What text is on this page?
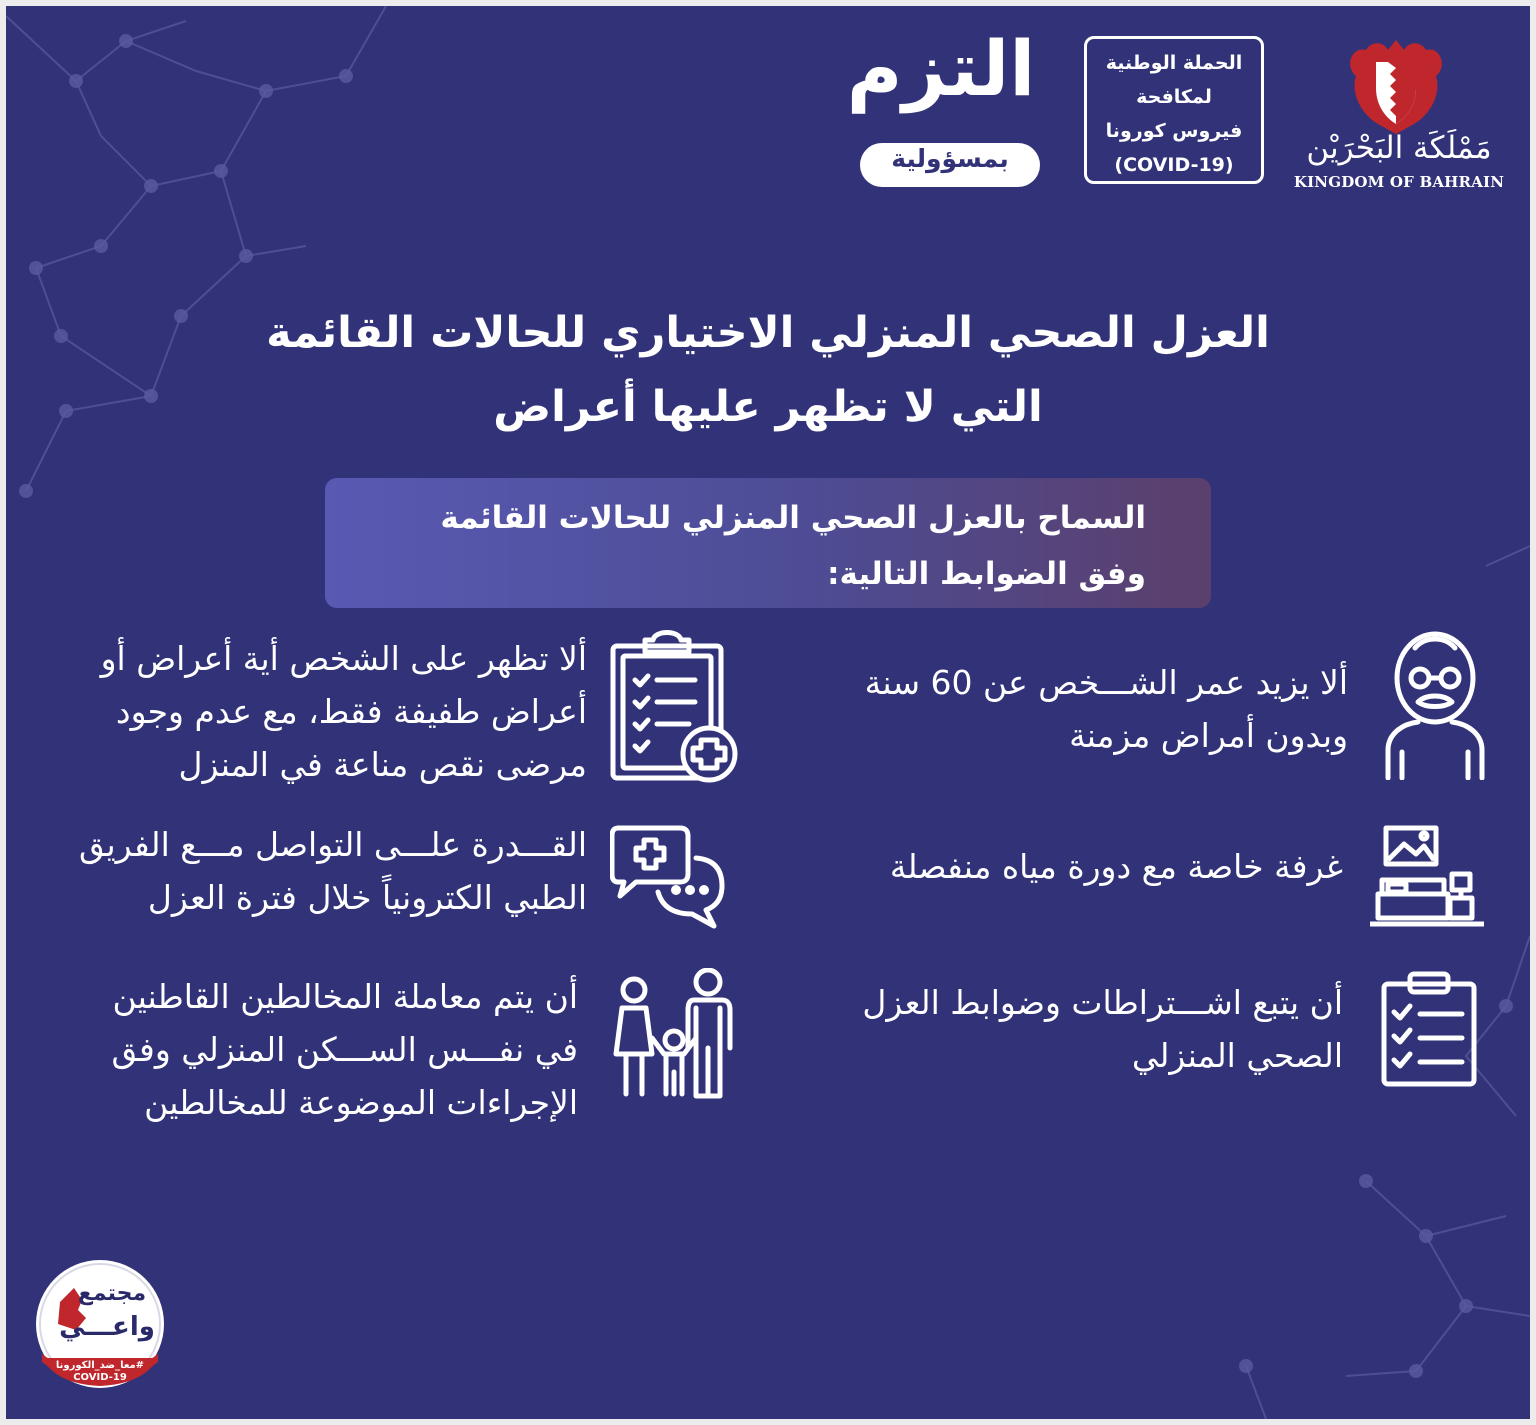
مَمْلَكَة البَحْرَيْن
KINGDOM OF BAHRAIN
الحملة الوطنية
لمكافحة
فيروس كورونا
(COVID-19)
التزم
بمسؤولية
العزل الصحي المنزلي الاختياري للحالات القائمة
التي لا تظهر عليها أعراض
السماح بالعزل الصحي المنزلي للحالات القائمة
وفق الضوابط التالية:
ألا يزيد عمر الشـــخص عن 60 سنة
وبدون أمراض مزمنة
غرفة خاصة مع دورة مياه منفصلة
أن يتبع اشـــتراطات وضوابط العزل
الصحي المنزلي
ألا تظهر على الشخص أية أعراض أو
أعراض طفيفة فقط، مع عدم وجود
مرضى نقص مناعة في المنزل
القـــدرة علـــى التواصل مـــع الفريق
الطبي الكترونياً خلال فترة العزل
أن يتم معاملة المخالطين القاطنين
في نفـــس الســـكن المنزلي وفق
الإجراءات الموضوعة للمخالطين
مجتمع
واعـــي
#معا_ضد_الكورونا
COVID-19
